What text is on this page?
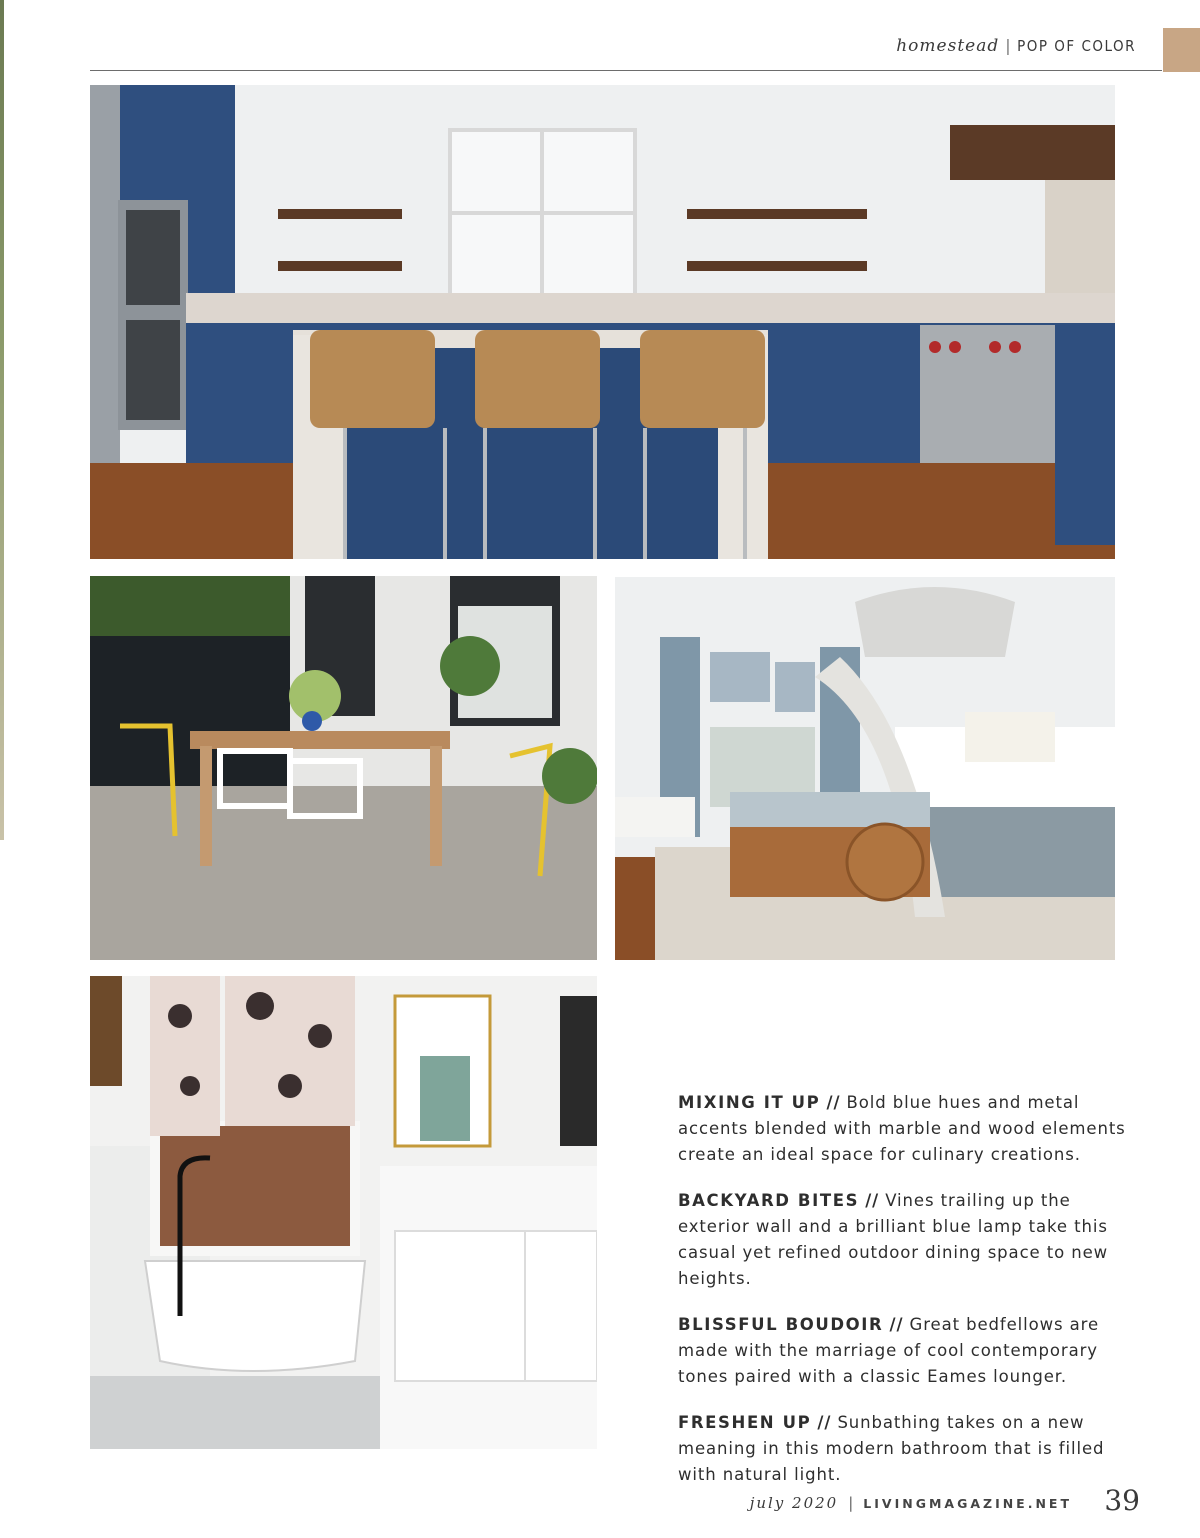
homestead | POP OF COLOR

MIXING IT UP // Bold blue hues and metal accents blended with marble and wood elements create an ideal space for culinary creations.

BACKYARD BITES // Vines trailing up the exterior wall and a brilliant blue lamp take this casual yet refined outdoor dining space to new heights.

BLISSFUL BOUDOIR // Great bedfellows are made with the marriage of cool contemporary tones paired with a classic Eames lounger.

FRESHEN UP // Sunbathing takes on a new meaning in this modern bathroom that is filled with natural light.

july 2020 | LIVINGMAGAZINE.NET 39
